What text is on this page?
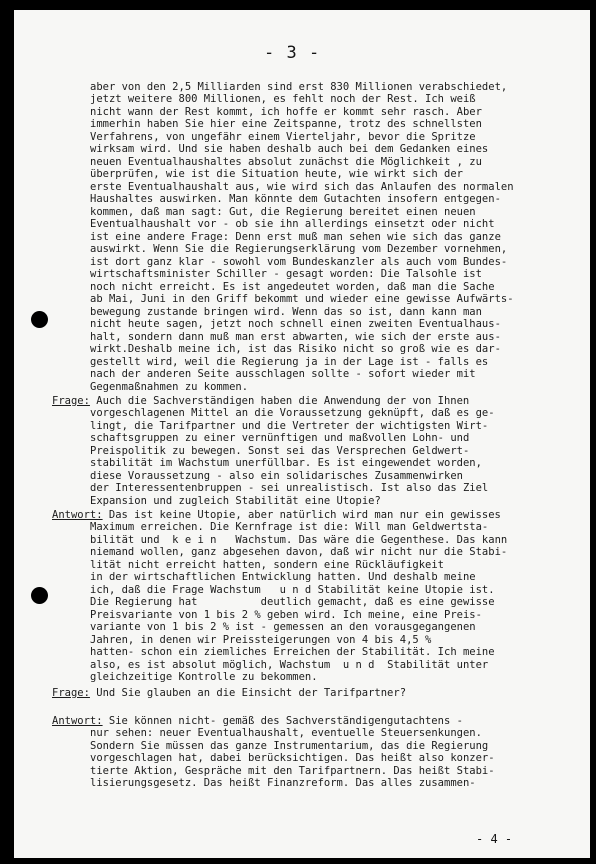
- 3 -
aber von den 2,5 Milliarden sind erst 830 Millionen verabschiedet,
jetzt weitere 800 Millionen, es fehlt noch der Rest. Ich weiß
nicht wann der Rest kommt, ich hoffe er kommt sehr rasch. Aber
immerhin haben Sie hier eine Zeitspanne, trotz des schnellsten
Verfahrens, von ungefähr einem Vierteljahr, bevor die Spritze
wirksam wird. Und sie haben deshalb auch bei dem Gedanken eines
neuen Eventualhaushaltes absolut zunächst die Möglichkeit , zu
überprüfen, wie ist die Situation heute, wie wirkt sich der
erste Eventualhaushalt aus, wie wird sich das Anlaufen des normalen
Haushaltes auswirken. Man könnte dem Gutachten insofern entgegen-
kommen, daß man sagt: Gut, die Regierung bereitet einen neuen
Eventualhaushalt vor - ob sie ihn allerdings einsetzt oder nicht
ist eine andere Frage: Denn erst muß man sehen wie sich das ganze
auswirkt. Wenn Sie die Regierungserklärung vom Dezember vornehmen,
ist dort ganz klar - sowohl vom Bundeskanzler als auch vom Bundes-
wirtschaftsminister Schiller - gesagt worden: Die Talsohle ist
noch nicht erreicht. Es ist angedeutet worden, daß man die Sache
ab Mai, Juni in den Griff bekommt und wieder eine gewisse Aufwärts-
bewegung zustande bringen wird. Wenn das so ist, dann kann man
nicht heute sagen, jetzt noch schnell einen zweiten Eventualhaus-
halt, sondern dann muß man erst abwarten, wie sich der erste aus-
wirkt.Deshalb meine ich, ist das Risiko nicht so groß wie es dar-
gestellt wird, weil die Regierung ja in der Lage ist - falls es
nach der anderen Seite ausschlagen sollte - sofort wieder mit
Gegenmaßnahmen zu kommen.
Frage: Auch die Sachverständigen haben die Anwendung der von Ihnen
vorgeschlagenen Mittel an die Voraussetzung geknüpft, daß es ge-
lingt, die Tarifpartner und die Vertreter der wichtigsten Wirt-
schaftsgruppen zu einer vernünftigen und maßvollen Lohn- und
Preispolitik zu bewegen. Sonst sei das Versprechen Geldwert-
stabilität im Wachstum unerfüllbar. Es ist eingewendet worden,
diese Voraussetzung - also ein solidarisches Zusammenwirken
der Interessentenbruppen - sei unrealistisch. Ist also das Ziel
Expansion und zugleich Stabilität eine Utopie?
Antwort: Das ist keine Utopie, aber natürlich wird man nur ein gewisses
Maximum erreichen. Die Kernfrage ist die: Will man Geldwertsta-
bilität und  k e i n   Wachstum. Das wäre die Gegenthese. Das kann
niemand wollen, ganz abgesehen davon, daß wir nicht nur die Stabi-
lität nicht erreicht hatten, sondern eine Rückläufigkeit
in der wirtschaftlichen Entwicklung hatten. Und deshalb meine
ich, daß die Frage Wachstum   u n d Stabilität keine Utopie ist.
Die Regierung hat          deutlich gemacht, daß es eine gewisse
Preisvariante von 1 bis 2 % geben wird. Ich meine, eine Preis-
variante von 1 bis 2 % ist - gemessen an den vorausgegangenen
Jahren, in denen wir Preissteigerungen von 4 bis 4,5 %
hatten- schon ein ziemliches Erreichen der Stabilität. Ich meine
also, es ist absolut möglich, Wachstum  u n d  Stabilität unter
gleichzeitige Kontrolle zu bekommen.
Frage: Und Sie glauben an die Einsicht der Tarifpartner?
Antwort: Sie können nicht- gemäß des Sachverständigengutachtens -
nur sehen: neuer Eventualhaushalt, eventuelle Steuersenkungen.
Sondern Sie müssen das ganze Instrumentarium, das die Regierung
vorgeschlagen hat, dabei berücksichtigen. Das heißt also konzer-
tierte Aktion, Gespräche mit den Tarifpartnern. Das heißt Stabi-
lisierungsgesetz. Das heißt Finanzreform. Das alles zusammen-
- 4 -
